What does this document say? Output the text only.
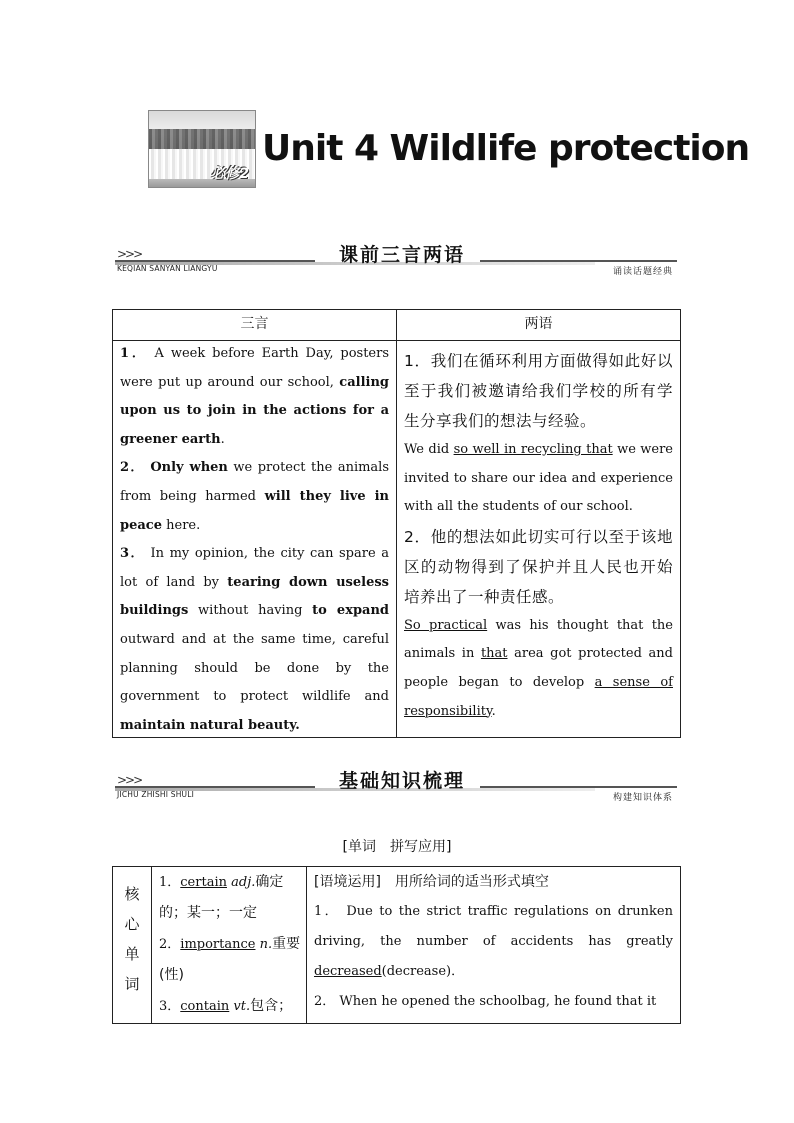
必修2
Unit 4 Wildlife protection
>>>
KEQIAN SANYAN LIANGYU
课前三言两语
诵读话题经典
三言	两语
1． A week before Earth Day, posters were put up around our school, calling upon us to join in the actions for a greener earth.
2． Only when we protect the animals from being harmed will they live in peace here.
3． In my opinion, the city can spare a lot of land by tearing down useless buildings without having to expand outward and at the same time, careful planning should be done by the government to protect wildlife and maintain natural beauty.
1．我们在循环利用方面做得如此好以至于我们被邀请给我们学校的所有学生分享我们的想法与经验。
We did so well in recycling that we were invited to share our idea and experience with all the students of our school.
2．他的想法如此切实可行以至于该地区的动物得到了保护并且人民也开始培养出了一种责任感。
So practical was his thought that the animals in that area got protected and people began to develop a sense of responsibility.
>>>
JICHU ZHISHI SHULI
基础知识梳理
构建知识体系
[单词　拼写应用]
核
心
单
词
1．certain adj.确定的；某一；一定
2．importance n.重要(性)
3．contain vt.包含；
[语境运用]　用所给词的适当形式填空
1． Due to the strict traffic regulations on drunken driving, the number of accidents has greatly decreased(decrease)．
2． When he opened the schoolbag, he found that it
